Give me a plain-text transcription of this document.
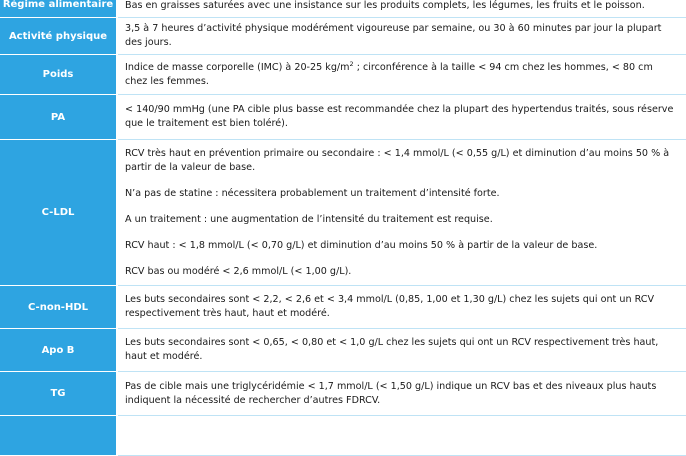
Régime alimentaire	Bas en graisses saturées avec une insistance sur les produits complets, les légumes, les fruits et le poisson.

Activité physique

3,5 à 7 heures d’activité physique modérément vigoureuse par semaine, ou 30 à 60 minutes par jour la plupart des jours.

Poids

Indice de masse corporelle (IMC) à 20-25 $kg/m^2$ ; circonférence à la taille < 94 cm chez les hommes, < 80 cm chez les femmes.

PA

< 140/90 mmHg (une PA cible plus basse est recommandée chez la plupart des hypertendus traités, sous réserve que le traitement est bien toléré).

C-LDL

RCV très haut en prévention primaire ou secondaire : < 1,4 mmol/L (< 0,55 g/L) et diminution d’au moins 50 % à partir de la valeur de base.

N’a pas de statine : nécessitera probablement un traitement d’intensité forte.

A un traitement : une augmentation de l’intensité du traitement est requise.

RCV haut : < 1,8 mmol/L (< 0,70 g/L) et diminution d’au moins 50 % à partir de la valeur de base.

RCV bas ou modéré < 2,6 mmol/L (< 1,00 g/L).

C-non-HDL

Les buts secondaires sont < 2,2, < 2,6 et < 3,4 mmol/L (0,85, 1,00 et 1,30 g/L) chez les sujets qui ont un RCV respectivement très haut, haut et modéré.

Apo B

Les buts secondaires sont < 0,65, < 0,80 et < 1,0 g/L chez les sujets qui ont un RCV respectivement très haut, haut et modéré.

TG

Pas de cible mais une triglycéridémie < 1,7 mmol/L (< 1,50 g/L) indique un RCV bas et des niveaux plus hauts indiquent la nécessité de rechercher d’autres FDRCV.
